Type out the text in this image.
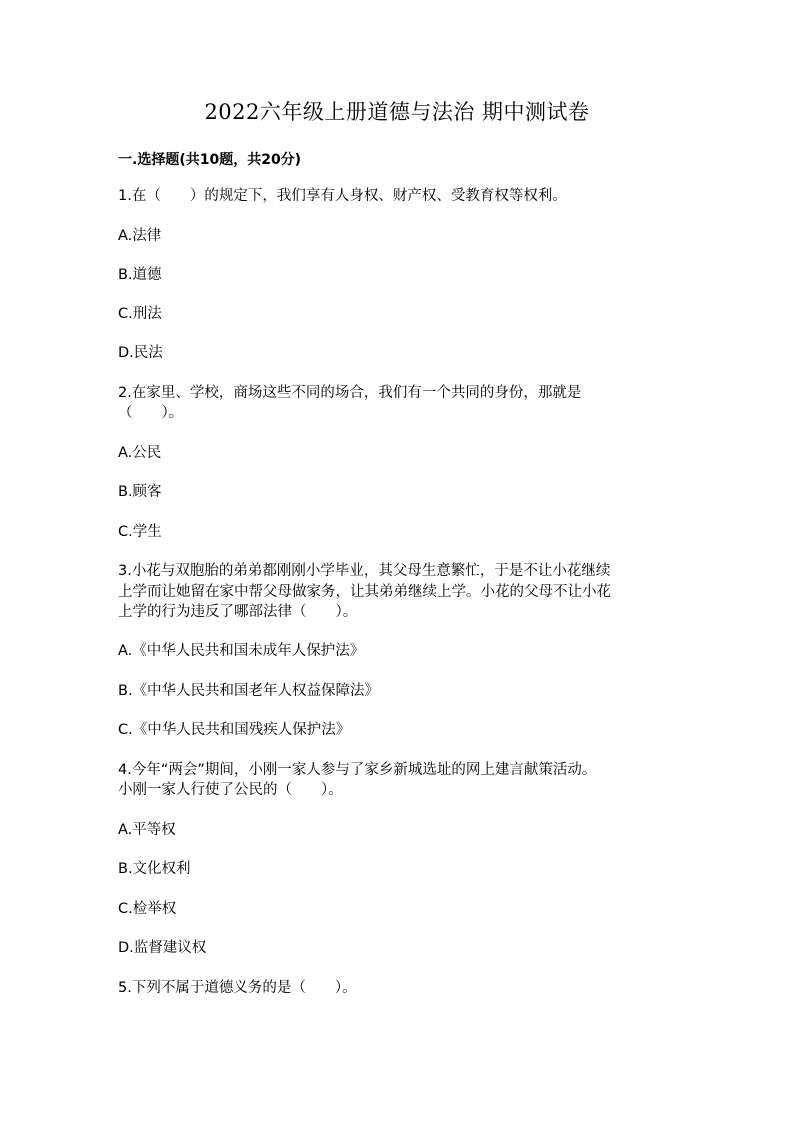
2022六年级上册道德与法治 期中测试卷
一.选择题(共10题，共20分)
1.在（　　）的规定下，我们享有人身权、财产权、受教育权等权利。
A.法律
B.道德
C.刑法
D.民法
2.在家里、学校，商场这些不同的场合，我们有一个共同的身份，那就是
（　　）。
A.公民
B.顾客
C.学生
3.小花与双胞胎的弟弟都刚刚小学毕业，其父母生意繁忙，于是不让小花继续
上学而让她留在家中帮父母做家务，让其弟弟继续上学。小花的父母不让小花
上学的行为违反了哪部法律（　　）。
A.《中华人民共和国未成年人保护法》
B.《中华人民共和国老年人权益保障法》
C.《中华人民共和国残疾人保护法》
4.今年“两会”期间，小刚一家人参与了家乡新城选址的网上建言献策活动。
小刚一家人行使了公民的（　　）。
A.平等权
B.文化权利
C.检举权
D.监督建议权
5.下列不属于道德义务的是（　　）。
